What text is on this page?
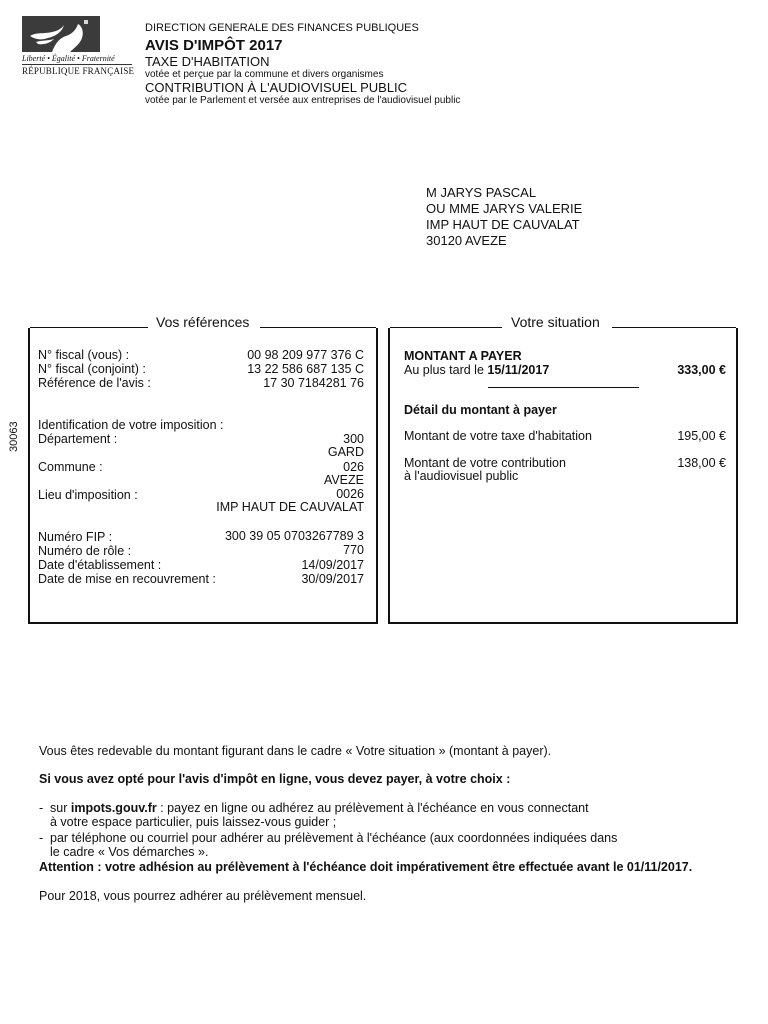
Liberté • Égalité • Fraternité
RÉPUBLIQUE FRANÇAISE
DIRECTION GENERALE DES FINANCES PUBLIQUES
AVIS D'IMPÔT 2017
TAXE D'HABITATION
votée et perçue par la commune et divers organismes
CONTRIBUTION À L'AUDIOVISUEL PUBLIC
votée par le Parlement et versée aux entreprises de l'audiovisuel public
M JARYS PASCAL
OU MME JARYS VALERIE
IMP HAUT DE CAUVALAT
30120 AVEZE
30063
Vos références
N° fiscal (vous) :	00 98 209 977 376 C
N° fiscal (conjoint) :	13 22 586 687 135 C
Référence de l'avis :	17 30 7184281 76
Identification de votre imposition :
Département :	300
GARD
Commune :	026
AVEZE
Lieu d'imposition :	0026
IMP HAUT DE CAUVALAT
Numéro FIP :	300 39 05 0703267789 3
Numéro de rôle :	770
Date d'établissement :	14/09/2017
Date de mise en recouvrement :	30/09/2017
Votre situation
MONTANT A PAYER
Au plus tard le 15/11/2017	333,00 €
Détail du montant à payer
Montant de votre taxe d'habitation	195,00 €
Montant de votre contribution
à l'audiovisuel public
138,00 €
Vous êtes redevable du montant figurant dans le cadre « Votre situation » (montant à payer).
Si vous avez opté pour l'avis d'impôt en ligne, vous devez payer, à votre choix :
- sur impots.gouv.fr : payez en ligne ou adhérez au prélèvement à l'échéance en vous connectant
à votre espace particulier, puis laissez-vous guider ;
- par téléphone ou courriel pour adhérer au prélèvement à l'échéance (aux coordonnées indiquées dans
le cadre « Vos démarches ».
Attention : votre adhésion au prélèvement à l'échéance doit impérativement être effectuée avant le 01/11/2017.
Pour 2018, vous pourrez adhérer au prélèvement mensuel.
